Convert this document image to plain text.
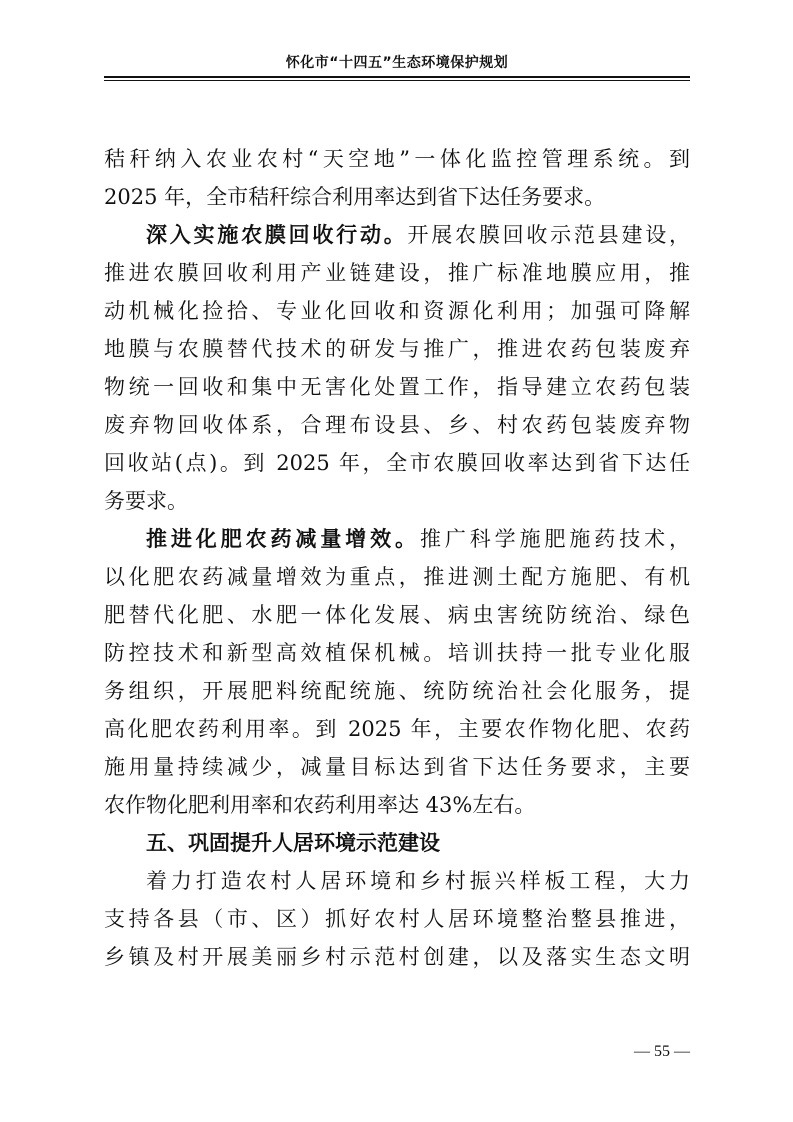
怀化市“十四五”生态环境保护规划
秸秆纳入农业农村“天空地”一体化监控管理系统。到
2025 年，全市秸秆综合利用率达到省下达任务要求。
深入实施农膜回收行动。开展农膜回收示范县建设，
推进农膜回收利用产业链建设，推广标准地膜应用，推
动机械化捡拾、专业化回收和资源化利用；加强可降解
地膜与农膜替代技术的研发与推广，推进农药包装废弃
物统一回收和集中无害化处置工作，指导建立农药包装
废弃物回收体系，合理布设县、乡、村农药包装废弃物
回收站(点)。到 2025 年，全市农膜回收率达到省下达任
务要求。
推进化肥农药减量增效。推广科学施肥施药技术，
以化肥农药减量增效为重点，推进测土配方施肥、有机
肥替代化肥、水肥一体化发展、病虫害统防统治、绿色
防控技术和新型高效植保机械。培训扶持一批专业化服
务组织，开展肥料统配统施、统防统治社会化服务，提
高化肥农药利用率。到 2025 年，主要农作物化肥、农药
施用量持续减少，减量目标达到省下达任务要求，主要
农作物化肥利用率和农药利用率达 43%左右。
五、巩固提升人居环境示范建设
着力打造农村人居环境和乡村振兴样板工程，大力
支持各县（市、区）抓好农村人居环境整治整县推进，
乡镇及村开展美丽乡村示范村创建，以及落实生态文明
— 55 —
